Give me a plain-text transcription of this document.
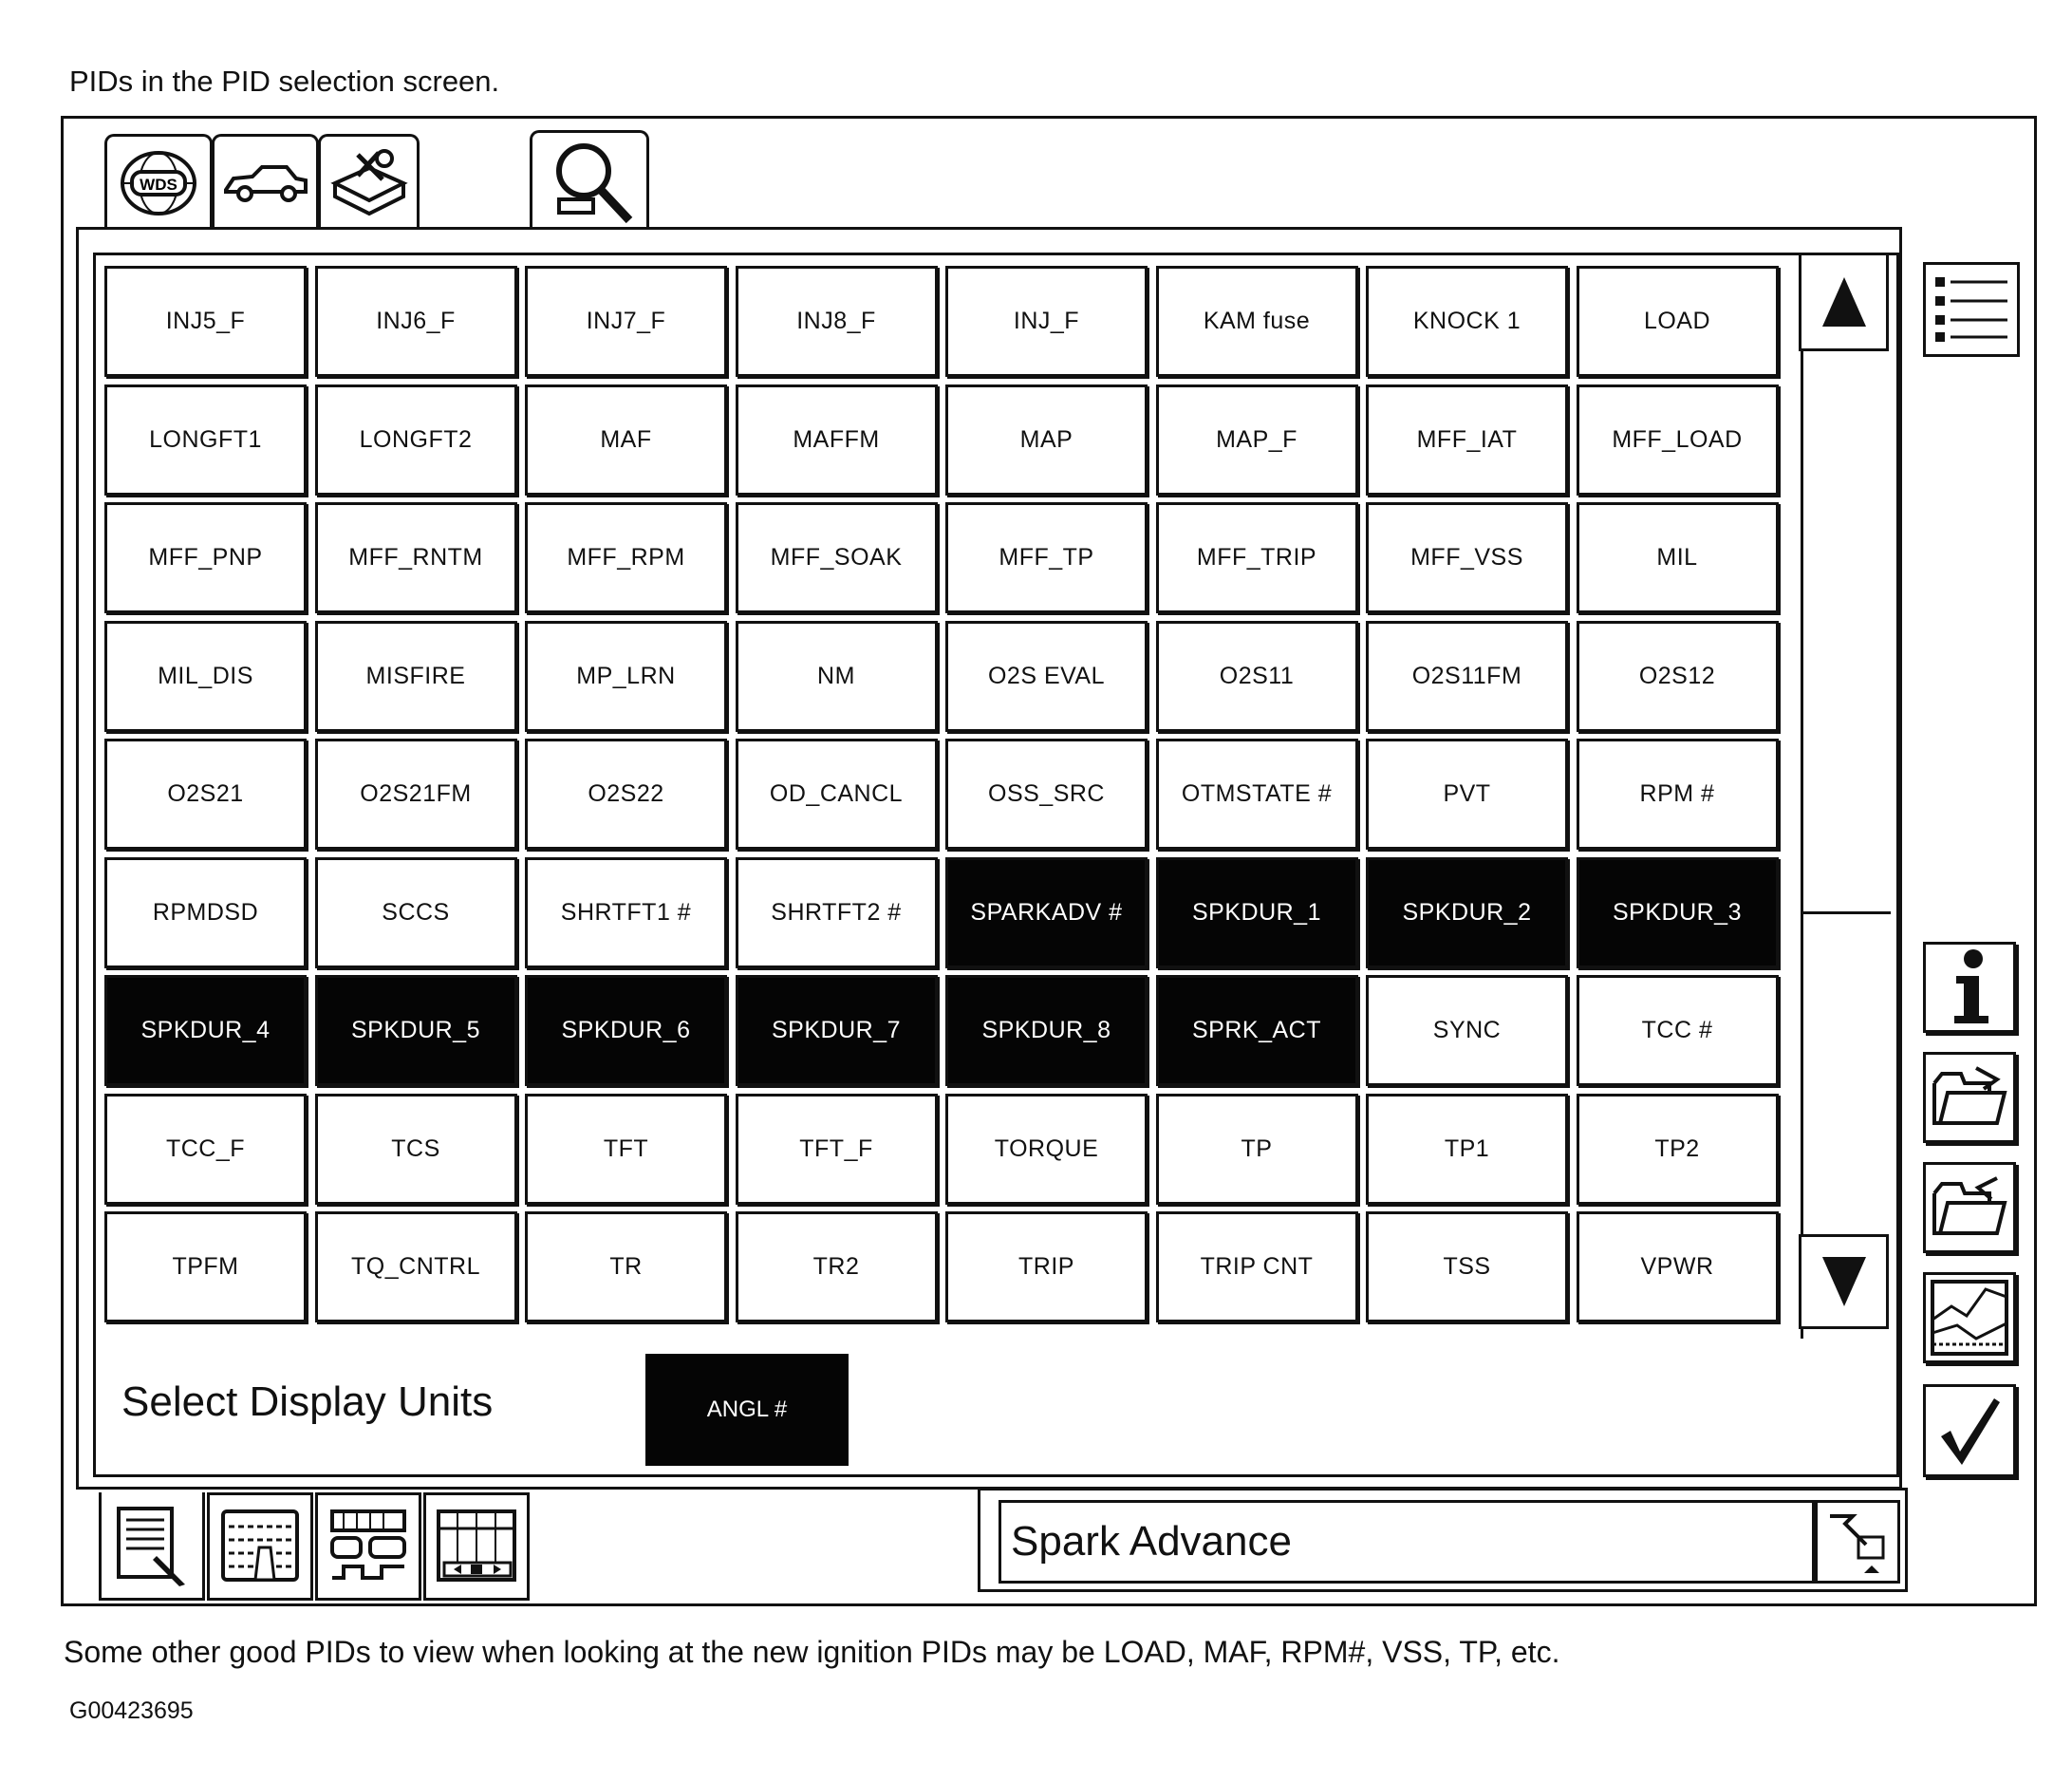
PIDs in the PID selection screen.
WDS
INJ5_F	INJ6_F	INJ7_F	INJ8_F	INJ_F	KAM fuse	KNOCK 1	LOAD
LONGFT1	LONGFT2	MAF	MAFFM	MAP	MAP_F	MFF_IAT	MFF_LOAD
MFF_PNP	MFF_RNTM	MFF_RPM	MFF_SOAK	MFF_TP	MFF_TRIP	MFF_VSS	MIL
MIL_DIS	MISFIRE	MP_LRN	NM	O2S EVAL	O2S11	O2S11FM	O2S12
O2S21	O2S21FM	O2S22	OD_CANCL	OSS_SRC	OTMSTATE #	PVT	RPM #
RPMDSD	SCCS	SHRTFT1 #	SHRTFT2 #	SPARKADV #	SPKDUR_1	SPKDUR_2	SPKDUR_3
SPKDUR_4	SPKDUR_5	SPKDUR_6	SPKDUR_7	SPKDUR_8	SPRK_ACT	SYNC	TCC #
TCC_F	TCS	TFT	TFT_F	TORQUE	TP	TP1	TP2
TPFM	TQ_CNTRL	TR	TR2	TRIP	TRIP CNT	TSS	VPWR
Select Display Units	ANGL #
Spark Advance
Some other good PIDs to view when looking at the new ignition PIDs may be LOAD, MAF, RPM#, VSS, TP, etc.
G00423695
